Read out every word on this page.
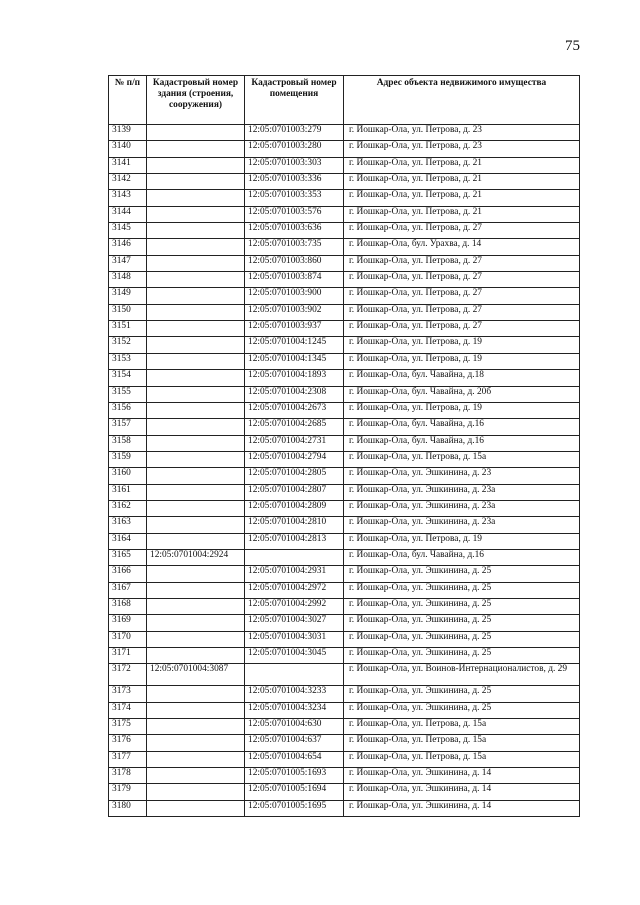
75
№ п/п	Кадастровый номер здания (строения, сооружения)	Кадастровый номер помещения	Адрес объекта недвижимого имущества
3139		12:05:0701003:279	г. Йошкар-Ола, ул. Петрова, д. 23
3140		12:05:0701003:280	г. Йошкар-Ола, ул. Петрова, д. 23
3141		12:05:0701003:303	г. Йошкар-Ола, ул. Петрова, д. 21
3142		12:05:0701003:336	г. Йошкар-Ола, ул. Петрова, д. 21
3143		12:05:0701003:353	г. Йошкар-Ола, ул. Петрова, д. 21
3144		12:05:0701003:576	г. Йошкар-Ола, ул. Петрова, д. 21
3145		12:05:0701003:636	г. Йошкар-Ола, ул. Петрова, д. 27
3146		12:05:0701003:735	г. Йошкар-Ола, бул. Урахва, д. 14
3147		12:05:0701003:860	г. Йошкар-Ола, ул. Петрова, д. 27
3148		12:05:0701003:874	г. Йошкар-Ола, ул. Петрова, д. 27
3149		12:05:0701003:900	г. Йошкар-Ола, ул. Петрова, д. 27
3150		12:05:0701003:902	г. Йошкар-Ола, ул. Петрова, д. 27
3151		12:05:0701003:937	г. Йошкар-Ола, ул. Петрова, д. 27
3152		12:05:0701004:1245	г. Йошкар-Ола, ул. Петрова, д. 19
3153		12:05:0701004:1345	г. Йошкар-Ола, ул. Петрова, д. 19
3154		12:05:0701004:1893	г. Йошкар-Ола, бул. Чавайна, д.18
3155		12:05:0701004:2308	г. Йошкар-Ола, бул. Чавайна, д. 20б
3156		12:05:0701004:2673	г. Йошкар-Ола, ул. Петрова, д. 19
3157		12:05:0701004:2685	г. Йошкар-Ола, бул. Чавайна, д.16
3158		12:05:0701004:2731	г. Йошкар-Ола, бул. Чавайна, д.16
3159		12:05:0701004:2794	г. Йошкар-Ола, ул. Петрова, д. 15а
3160		12:05:0701004:2805	г. Йошкар-Ола, ул. Эшкинина, д. 23
3161		12:05:0701004:2807	г. Йошкар-Ола, ул. Эшкинина, д. 23а
3162		12:05:0701004:2809	г. Йошкар-Ола, ул. Эшкинина, д. 23а
3163		12:05:0701004:2810	г. Йошкар-Ола, ул. Эшкинина, д. 23а
3164		12:05:0701004:2813	г. Йошкар-Ола, ул. Петрова, д. 19
3165	12:05:0701004:2924		г. Йошкар-Ола, бул. Чавайна, д.16
3166		12:05:0701004:2931	г. Йошкар-Ола, ул. Эшкинина, д. 25
3167		12:05:0701004:2972	г. Йошкар-Ола, ул. Эшкинина, д. 25
3168		12:05:0701004:2992	г. Йошкар-Ола, ул. Эшкинина, д. 25
3169		12:05:0701004:3027	г. Йошкар-Ола, ул. Эшкинина, д. 25
3170		12:05:0701004:3031	г. Йошкар-Ола, ул. Эшкинина, д. 25
3171		12:05:0701004:3045	г. Йошкар-Ола, ул. Эшкинина, д. 25
3172	12:05:0701004:3087		г. Йошкар-Ола, ул. Воинов-Интернационалистов, д. 29
3173		12:05:0701004:3233	г. Йошкар-Ола, ул. Эшкинина, д. 25
3174		12:05:0701004:3234	г. Йошкар-Ола, ул. Эшкинина, д. 25
3175		12:05:0701004:630	г. Йошкар-Ола, ул. Петрова, д. 15а
3176		12:05:0701004:637	г. Йошкар-Ола, ул. Петрова, д. 15а
3177		12:05:0701004:654	г. Йошкар-Ола, ул. Петрова, д. 15а
3178		12:05:0701005:1693	г. Йошкар-Ола, ул. Эшкинина, д. 14
3179		12:05:0701005:1694	г. Йошкар-Ола, ул. Эшкинина, д. 14
3180		12:05:0701005:1695	г. Йошкар-Ола, ул. Эшкинина, д. 14
